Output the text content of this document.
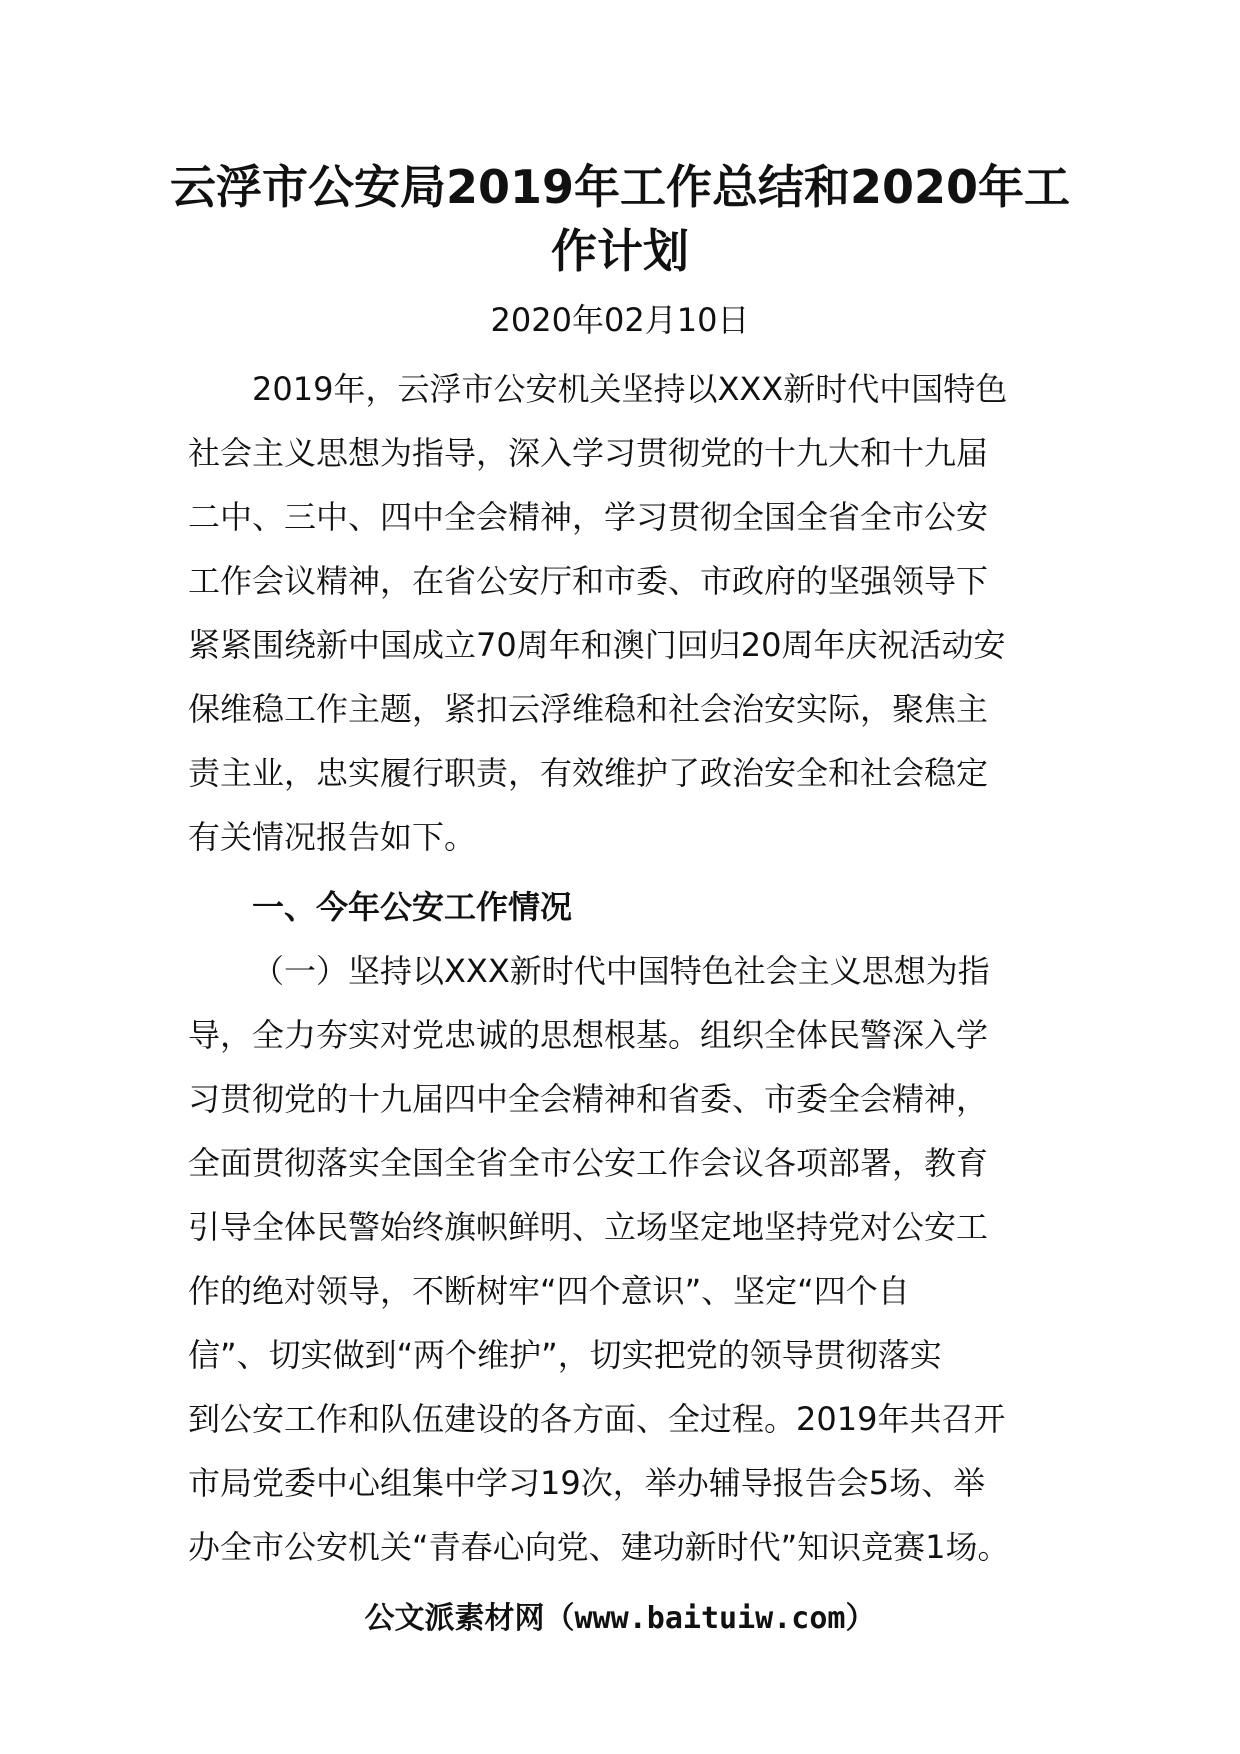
云浮市公安局2019年工作总结和2020年工
作计划
2020年02月10日
2019年，云浮市公安机关坚持以XXX新时代中国特色
社会主义思想为指导，深入学习贯彻党的十九大和十九届
二中、三中、四中全会精神，学习贯彻全国全省全市公安
工作会议精神，在省公安厅和市委、市政府的坚强领导下
紧紧围绕新中国成立70周年和澳门回归20周年庆祝活动安
保维稳工作主题，紧扣云浮维稳和社会治安实际，聚焦主
责主业，忠实履行职责，有效维护了政治安全和社会稳定
有关情况报告如下。
一、今年公安工作情况
（一）坚持以XXX新时代中国特色社会主义思想为指
导，全力夯实对党忠诚的思想根基。组织全体民警深入学
习贯彻党的十九届四中全会精神和省委、市委全会精神，
全面贯彻落实全国全省全市公安工作会议各项部署，教育
引导全体民警始终旗帜鲜明、立场坚定地坚持党对公安工
作的绝对领导，不断树牢“四个意识”、坚定“四个自
信”、切实做到“两个维护”，切实把党的领导贯彻落实
到公安工作和队伍建设的各方面、全过程。2019年共召开
市局党委中心组集中学习19次，举办辅导报告会5场、举
办全市公安机关“青春心向党、建功新时代”知识竞赛1场。
公文派素材网（www.baituiw.com）
